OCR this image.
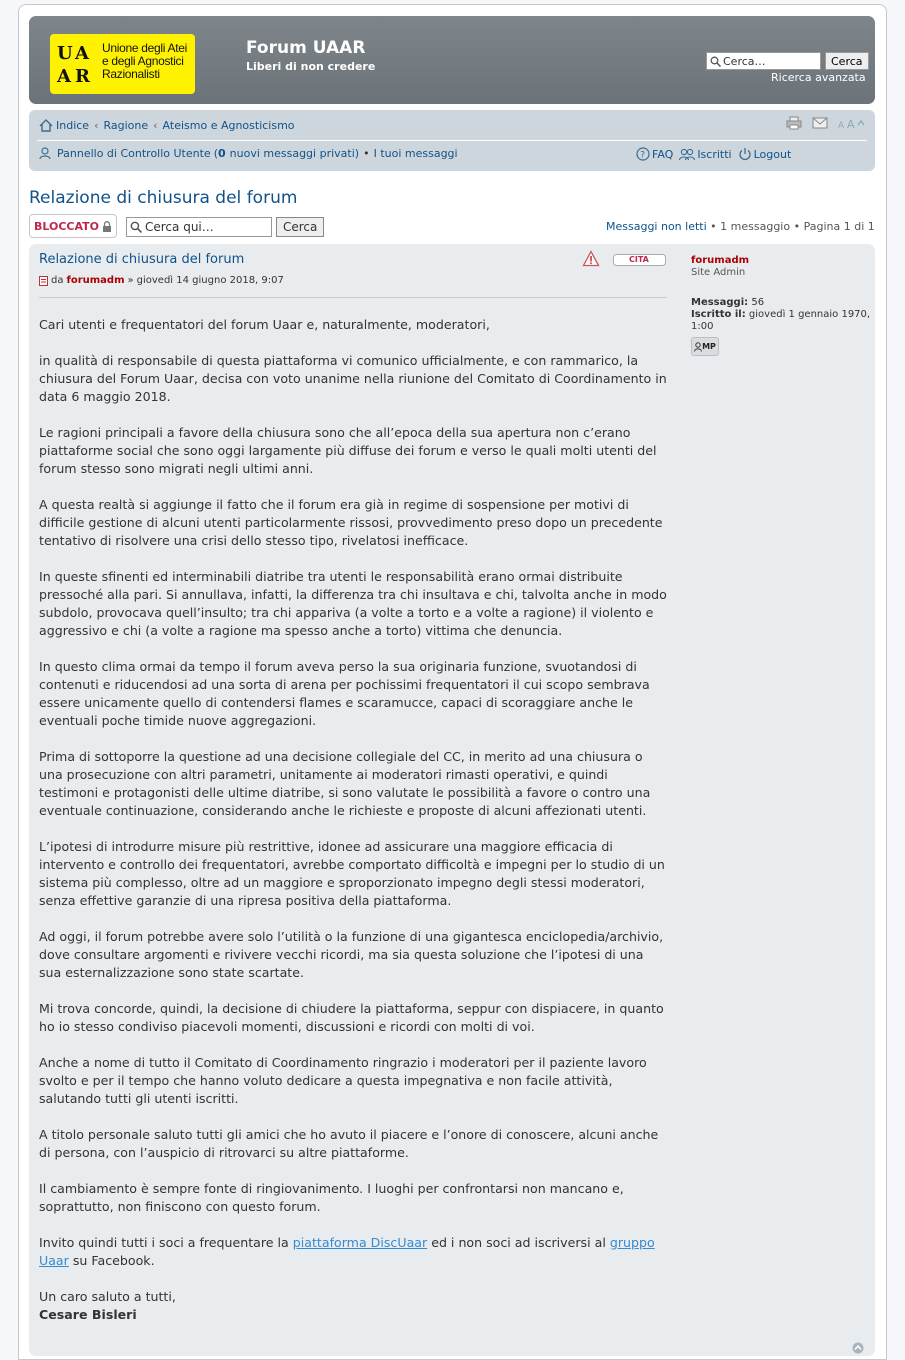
U A
A R
Unione degli Atei e degli Agnostici Razionalisti
Forum UAAR
Liberi di non credere	Cerca…	Cerca
Ricerca avanzata
Indice ‹ Ragione ‹ Ateismo e Agnosticismo	A A
Pannello di Controllo Utente ( 0 nuovi messaggi privati ) • I tuoi messaggi	? FAQ Iscritti Logout
Relazione di chiusura del forum
BLOCCATO	Cerca qui…	Cerca	Messaggi non letti • 1 messaggio • Pagina 1 di 1
Relazione di chiusura del forum
da forumadm » giovedì 14 giugno 2018, 9:07
“
CITA

Cari utenti e frequentatori del forum Uaar e, naturalmente, moderatori,

in qualità di responsabile di questa piattaforma vi comunico ufficialmente, e con rammarico, la chiusura del Forum Uaar, decisa con voto unanime nella riunione del Comitato di Coordinamento in data 6 maggio 2018.

Le ragioni principali a favore della chiusura sono che all’epoca della sua apertura non c’erano piattaforme social che sono oggi largamente più diffuse dei forum e verso le quali molti utenti del forum stesso sono migrati negli ultimi anni.

A questa realtà si aggiunge il fatto che il forum era già in regime di sospensione per motivi di difficile gestione di alcuni utenti particolarmente rissosi, provvedimento preso dopo un precedente tentativo di risolvere una crisi dello stesso tipo, rivelatosi inefficace.

In queste sfinenti ed interminabili diatribe tra utenti le responsabilità erano ormai distribuite pressoché alla pari. Si annullava, infatti, la differenza tra chi insultava e chi, talvolta anche in modo subdolo, provocava quell’insulto; tra chi appariva (a volte a torto e a volte a ragione) il violento e aggressivo e chi (a volte a ragione ma spesso anche a torto) vittima che denuncia.

In questo clima ormai da tempo il forum aveva perso la sua originaria funzione, svuotandosi di contenuti e riducendosi ad una sorta di arena per pochissimi frequentatori il cui scopo sembrava essere unicamente quello di contendersi flames e scaramucce, capaci di scoraggiare anche le eventuali poche timide nuove aggregazioni.

Prima di sottoporre la questione ad una decisione collegiale del CC, in merito ad una chiusura o una prosecuzione con altri parametri, unitamente ai moderatori rimasti operativi, e quindi testimoni e protagonisti delle ultime diatribe, si sono valutate le possibilità a favore o contro una eventuale continuazione, considerando anche le richieste e proposte di alcuni affezionati utenti.

L’ipotesi di introdurre misure più restrittive, idonee ad assicurare una maggiore efficacia di intervento e controllo dei frequentatori, avrebbe comportato difficoltà e impegni per lo studio di un sistema più complesso, oltre ad un maggiore e sproporzionato impegno degli stessi moderatori, senza effettive garanzie di una ripresa positiva della piattaforma.

Ad oggi, il forum potrebbe avere solo l’utilità o la funzione di una gigantesca enciclopedia/archivio, dove consultare argomenti e rivivere vecchi ricordi, ma sia questa soluzione che l’ipotesi di una sua esternalizzazione sono state scartate.

Mi trova concorde, quindi, la decisione di chiudere la piattaforma, seppur con dispiacere, in quanto ho io stesso condiviso piacevoli momenti, discussioni e ricordi con molti di voi.

Anche a nome di tutto il Comitato di Coordinamento ringrazio i moderatori per il paziente lavoro svolto e per il tempo che hanno voluto dedicare a questa impegnativa e non facile attività, salutando tutti gli utenti iscritti.

A titolo personale saluto tutti gli amici che ho avuto il piacere e l’onore di conoscere, alcuni anche di persona, con l’auspicio di ritrovarci su altre piattaforme.

Il cambiamento è sempre fonte di ringiovanimento. I luoghi per confrontarsi non mancano e, soprattutto, non finiscono con questo forum.

Invito quindi tutti i soci a frequentare la piattaforma DiscUaar ed i non soci ad iscriversi al gruppo Uaar su Facebook.

Un caro saluto a tutti,
Cesare Bisleri
forumadm
Site Admin
Messaggi: 56
Iscritto il: giovedì 1 gennaio 1970, 1:00
MP
